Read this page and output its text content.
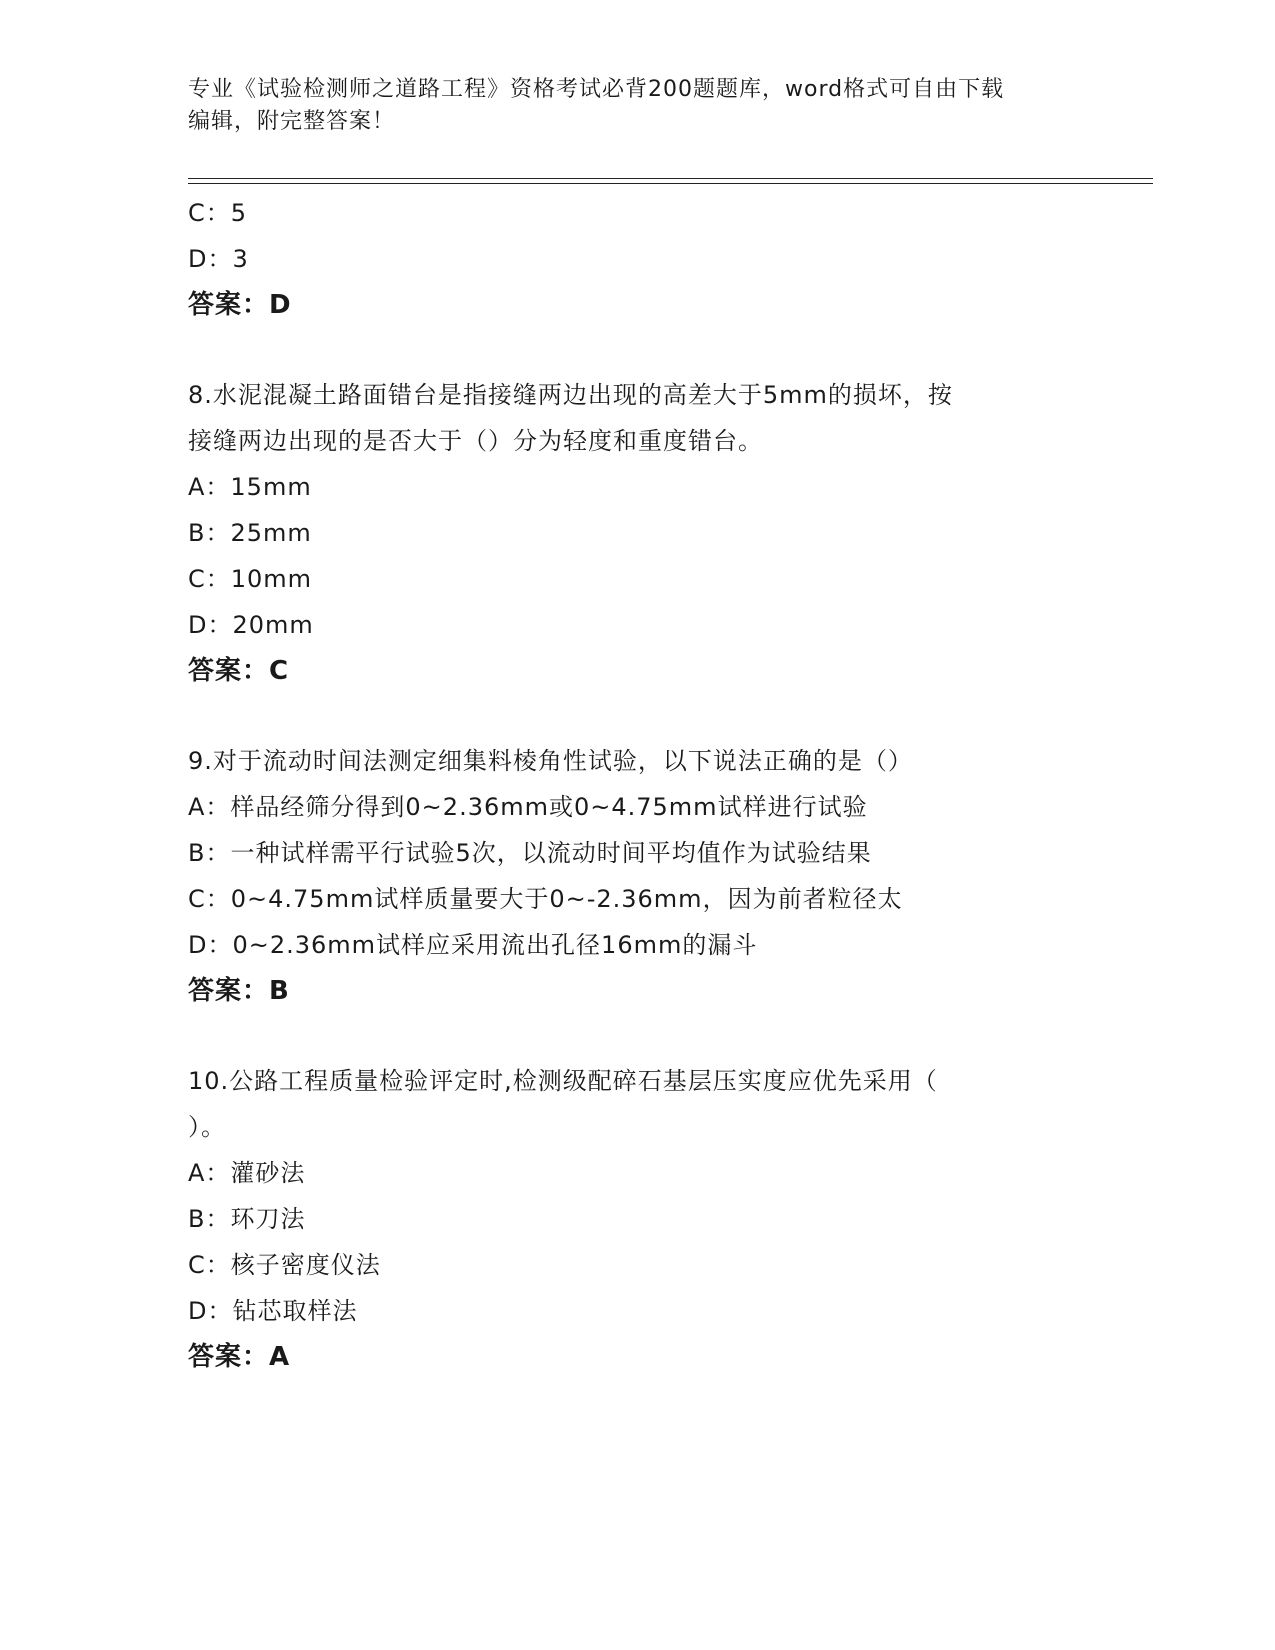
专业《试验检测师之道路工程》资格考试必背200题题库，word格式可自由下载
编辑，附完整答案！
C：5
D：3
答案：D
8.水泥混凝土路面错台是指接缝两边出现的高差大于5mm的损坏，按
接缝两边出现的是否大于（）分为轻度和重度错台。
A：15mm
B：25mm
C：10mm
D：20mm
答案：C
9.对于流动时间法测定细集料棱角性试验，以下说法正确的是（）
A：样品经筛分得到0~2.36mm或0~4.75mm试样进行试验
B：一种试样需平行试验5次，以流动时间平均值作为试验结果
C：0~4.75mm试样质量要大于0~-2.36mm，因为前者粒径太
D：0~2.36mm试样应采用流出孔径16mm的漏斗
答案：B
10.公路工程质量检验评定时,检测级配碎石基层压实度应优先采用（
）。
A：灌砂法
B：环刀法
C：核子密度仪法
D：钻芯取样法
答案：A
